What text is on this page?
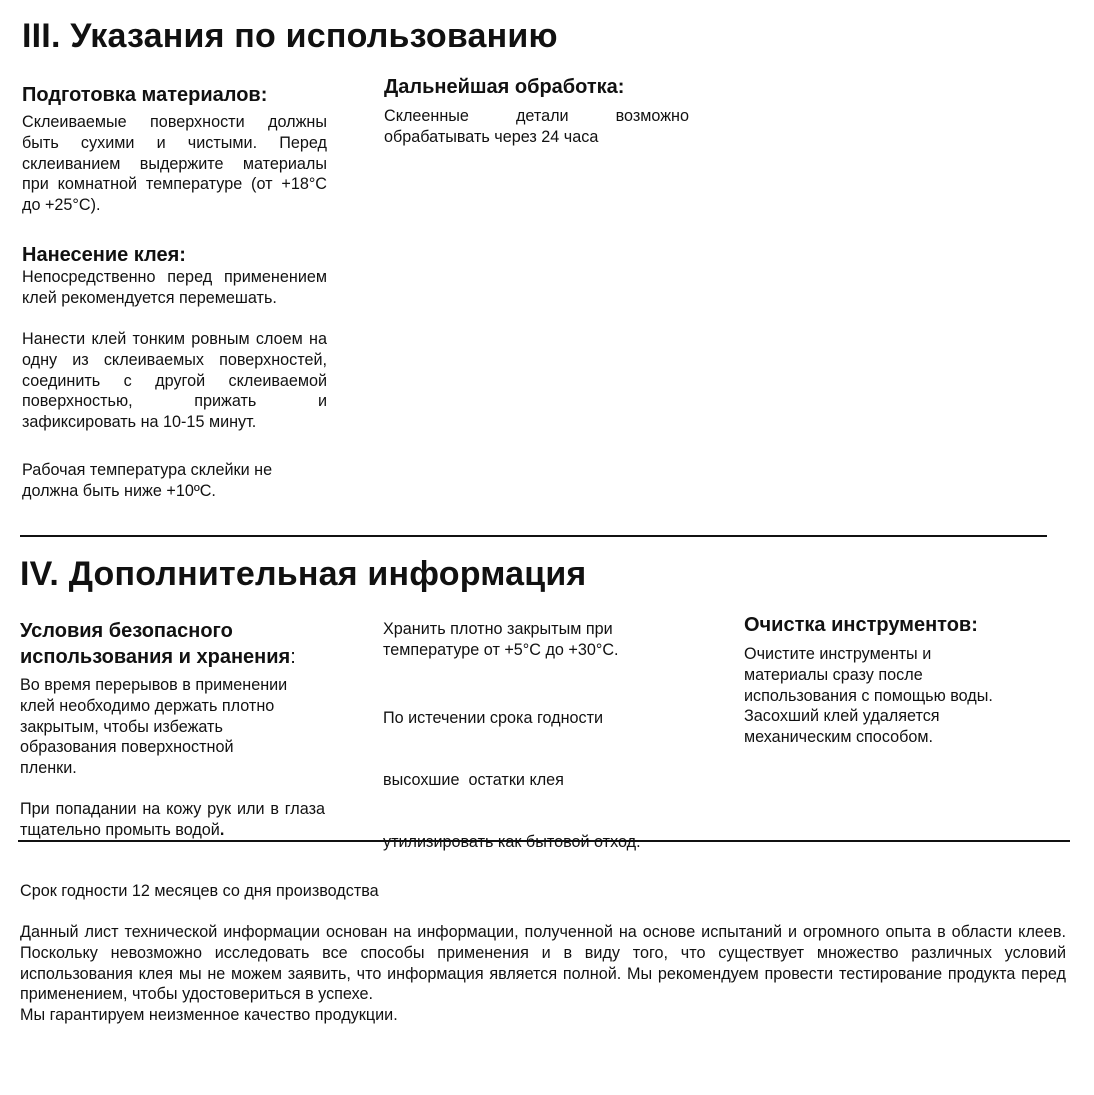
III. Указания по использованию
Подготовка материалов:

Склеиваемые поверхности должны быть сухими и чистыми. Перед склеиванием выдержите материалы при комнатной температуре (от +18°С до +25°С).

Нанесение клея:

Непосредственно перед применением клей рекомендуется перемешать.

Нанести клей тонким ровным слоем на одну из склеиваемых поверхностей, соединить с другой склеиваемой поверхностью, прижать и зафиксировать на 10-15 минут.

Рабочая температура склейки не
должна быть ниже +10ºС.
Дальнейшая обработка:

Склеенные детали возможно обрабатывать через 24 часа

IV. Дополнительная информация
Условия безопасного
использования и хранения:
Во время перерывов в применении
клей необходимо держать плотно
закрытым, чтобы избежать
образования поверхностной
пленки.

При попадании на кожу рук или в глаза тщательно промыть водой.

Хранить плотно закрытым при
температуре от +5°С до +30°С.

По истечении срока годности

высохшие  остатки клея

утилизировать как бытовой отход.

Очистка инструментов:
Очистите инструменты и
материалы сразу после
использования с помощью воды.
Засохший клей удаляется
механическим способом.

Срок годности 12 месяцев со дня производства

Данный лист технической информации основан на информации, полученной на основе испытаний и огромного опыта в области клеев. Поскольку невозможно исследовать все способы применения и в виду того, что существует множество различных условий использования клея мы не можем заявить, что информация является полной. Мы рекомендуем провести тестирование продукта перед применением, чтобы удостовериться в успехе.

Мы гарантируем неизменное качество продукции.
